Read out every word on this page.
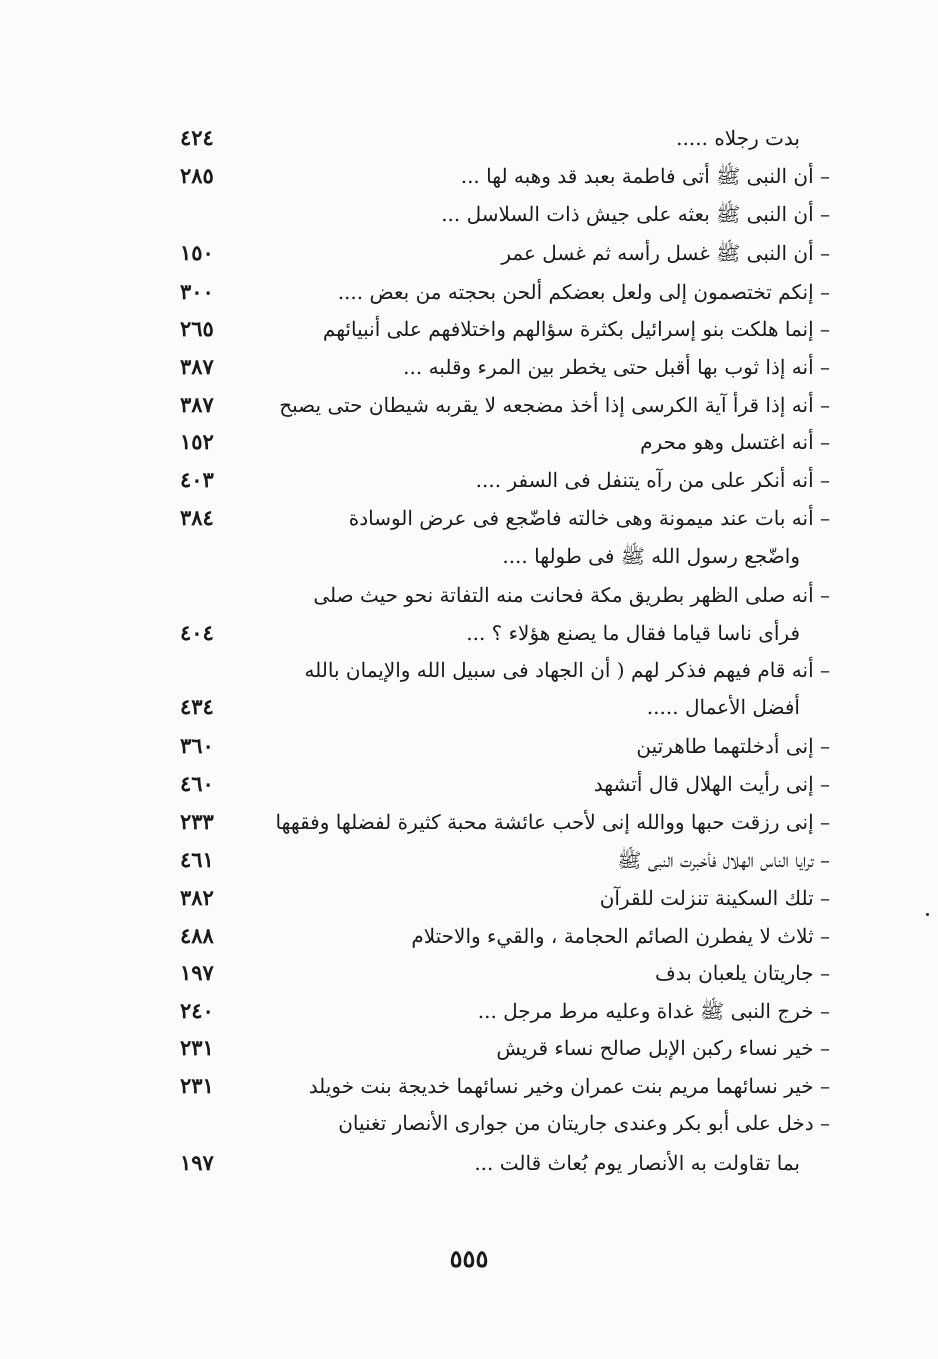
٤٢٤	بدت رجلاه .....
٢٨٥	– أن النبى ﷺ أتى فاطمة بعبد قد وهبه لها ...
– أن النبى ﷺ بعثه على جيش ذات السلاسل ...
١٥٠	– أن النبى ﷺ غسل رأسه ثم غسل عمر
٣٠٠	– إنكم تختصمون إلى ولعل بعضكم ألحن بحجته من بعض ....
٢٦٥	– إنما هلكت بنو إسرائيل بكثرة سؤالهم واختلافهم على أنبيائهم
٣٨٧	– أنه إذا ثوب بها أقبل حتى يخطر بين المرء وقلبه ...
٣٨٧	– أنه إذا قرأ آية الكرسى إذا أخذ مضجعه لا يقربه شيطان حتى يصبح
١٥٢	– أنه اغتسل وهو محرم
٤٠٣	– أنه أنكر على من رآه يتنفل فى السفر ....
٣٨٤	– أنه بات عند ميمونة وهى خالته فاضّجع فى عرض الوسادة
واضّجع رسول الله ﷺ فى طولها ....
– أنه صلى الظهر بطريق مكة فحانت منه التفاتة نحو حيث صلى
٤٠٤	فرأى ناسا قياما فقال ما يصنع هؤلاء ؟ ...
– أنه قام فيهم فذكر لهم ( أن الجهاد فى سبيل الله والإيمان بالله
٤٣٤	أفضل الأعمال .....
٣٦٠	– إنى أدخلتهما طاهرتين
٤٦٠	– إنى رأيت الهلال قال أتشهد
٢٣٣	– إنى رزقت حبها ووالله إنى لأحب عائشة محبة كثيرة لفضلها وفقهها
٤٦١	– ترايا الناس الهلال فأخبرت النبى ﷺ
٣٨٢	– تلك السكينة تنزلت للقرآن
٤٨٨	– ثلاث لا يفطرن الصائم الحجامة ، والقيء والاحتلام
١٩٧	– جاريتان يلعبان بدف
٢٤٠	– خرج النبى ﷺ غداة وعليه مرط مرجل ...
٢٣١	– خير نساء ركبن الإبل صالح نساء قريش
٢٣١	– خير نسائهما مريم بنت عمران وخير نسائهما خديجة بنت خويلد
– دخل على أبو بكر وعندى جاريتان من جوارى الأنصار تغنيان
١٩٧	بما تقاولت به الأنصار يوم بُعاث قالت ...
٥٥٥
